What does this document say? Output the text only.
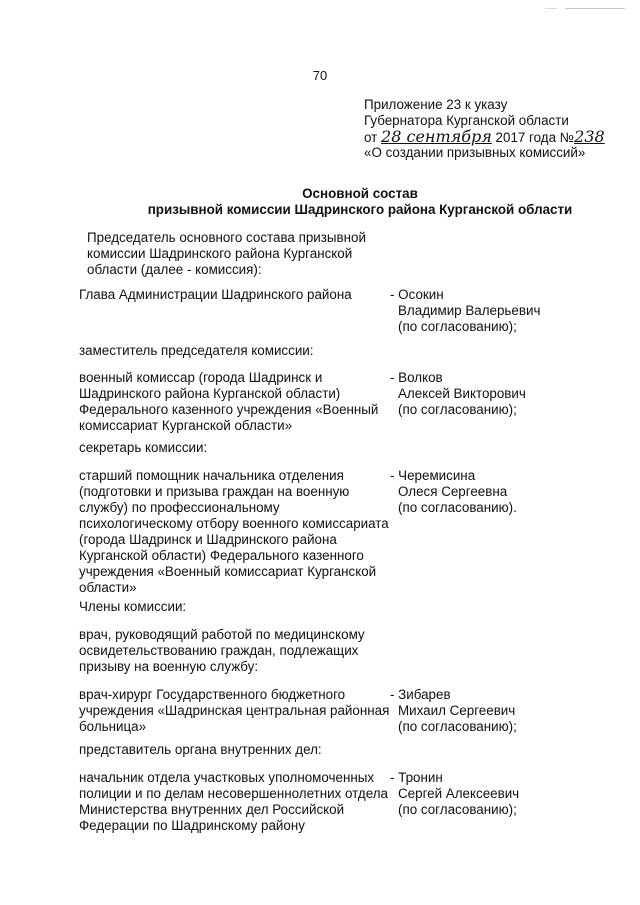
70
Приложение 23 к указу
Губернатора Курганской области
от 28 сентября 2017 года №238
«О создании призывных комиссий»
Основной состав
призывной комиссии Шадринского района Курганской области
Председатель основного состава призывной
комиссии Шадринского района Курганской
области (далее - комиссия):
Глава Администрации Шадринского района	- Осокин
Владимир Валерьевич
(по согласованию);
заместитель председателя комиссии:
военный комиссар (города Шадринск и
Шадринского района Курганской области)
Федерального казенного учреждения «Военный
комиссариат Курганской области»
- Волков
Алексей Викторович
(по согласованию);
секретарь комиссии:
старший помощник начальника отделения
(подготовки и призыва граждан на военную
службу) по профессиональному
психологическому отбору военного комиссариата
(города Шадринск и Шадринского района
Курганской области) Федерального казенного
учреждения «Военный комиссариат Курганской
области»
- Черемисина
Олеся Сергеевна
(по согласованию).
Члены комиссии:
врач, руководящий работой по медицинскому
освидетельствованию граждан, подлежащих
призыву на военную службу:
врач-хирург Государственного бюджетного
учреждения «Шадринская центральная районная
больница»
- Зибарев
Михаил Сергеевич
(по согласованию);
представитель органа внутренних дел:
начальник отдела участковых уполномоченных
полиции и по делам несовершеннолетних отдела
Министерства внутренних дел Российской
Федерации по Шадринскому району
- Тронин
Сергей Алексеевич
(по согласованию);
